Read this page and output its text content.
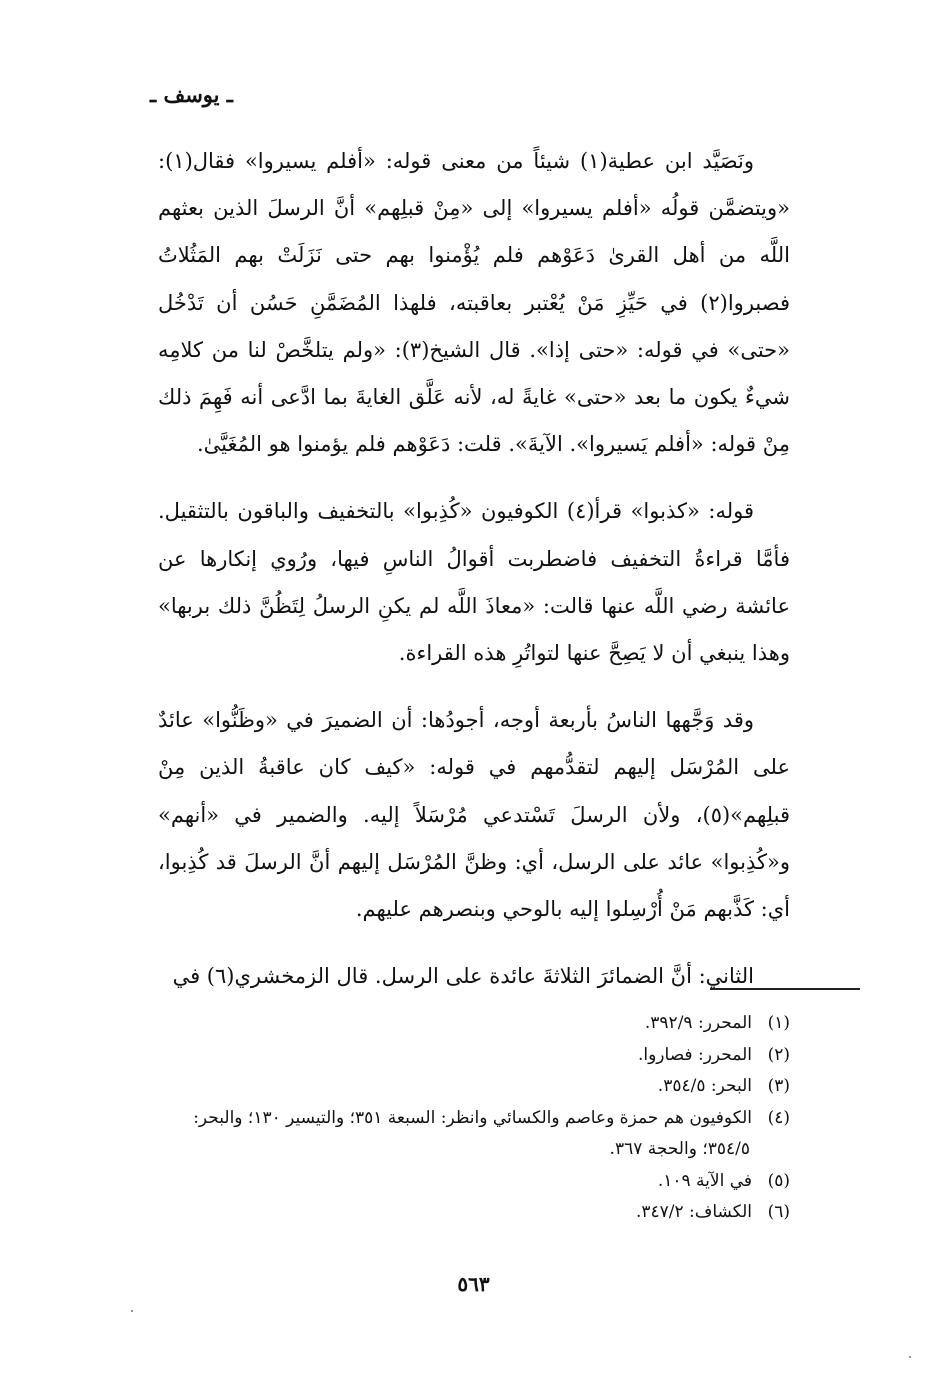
ـ يوسف ـ

ونَصَيَّد ابن عطية(١) شيئاً من معنى قوله: «أفلم يسيروا» فقال(١): «ويتضمَّن قولُه «أفلم يسيروا» إلى «مِنْ قبلِهم» أنَّ الرسلَ الذين بعثهم اللَّه من أهل القرىٰ دَعَوْهم فلم يُؤْمنوا بهم حتى نَزَلَتْ بهم المَثُلاتُ فصبروا(٢) في حَيِّزِ مَنْ يُعْتبر بعاقبته، فلهذا المُضَمَّنِ حَسُن أن تَدْخُل «حتى» في قوله: «حتى إذا». قال الشيخ(٣): «ولم يتلخَّصْ لنا من كلامِه شيءٌ يكون ما بعد «حتى» غايةً له، لأنه عَلَّق الغايةَ بما ادَّعى أنه فَهِمَ ذلك مِنْ قوله: «أفلم يَسيروا». الآيةَ». قلت: دَعَوْهم فلم يؤمنوا هو المُغَيَّىٰ.

قوله: «كذبوا» قرأ(٤) الكوفيون «كُذِبوا» بالتخفيف والباقون بالتثقيل. فأمَّا قراءةُ التخفيف فاضطربت أقوالُ الناسِ فيها، ورُوي إنكارها عن عائشة رضي اللَّه عنها قالت: «معاذَ اللَّه لم يكنِ الرسلُ لِتَظُنَّ ذلك بربها» وهذا ينبغي أن لا يَصِحَّ عنها لتواتُرِ هذه القراءة.

وقد وَجَّهها الناسُ بأربعة أوجه، أجودُها: أن الضميرَ في «وظَنُّوا» عائدٌ على المُرْسَل إليهم لتقدُّمهم في قوله: «كيف كان عاقبةُ الذين مِنْ قبلِهم»(٥)، ولأن الرسلَ تَسْتدعي مُرْسَلاً إليه. والضمير في «أنهم» و«كُذِبوا» عائد على الرسل، أي: وظنَّ المُرْسَل إليهم أنَّ الرسلَ قد كُذِبوا، أي: كَذَّبهم مَنْ أُرْسِلوا إليه بالوحي وبنصرهم عليهم.

الثاني: أنَّ الضمائرَ الثلاثةَ عائدة على الرسل. قال الزمخشري(٦) في

(١)المحرر: ٣٩٢/٩.

(٢)المحرر: فصاروا.

(٣)البحر: ٣٥٤/٥.

(٤)الكوفيون هم حمزة وعاصم والكسائي وانظر: السبعة ٣٥١؛ والتيسير ١٣٠؛ والبحر: ٣٥٤/٥؛ والحجة ٣٦٧.

(٥)في الآية ١٠٩.

(٦)الكشاف: ٣٤٧/٢.

٥٦٣
